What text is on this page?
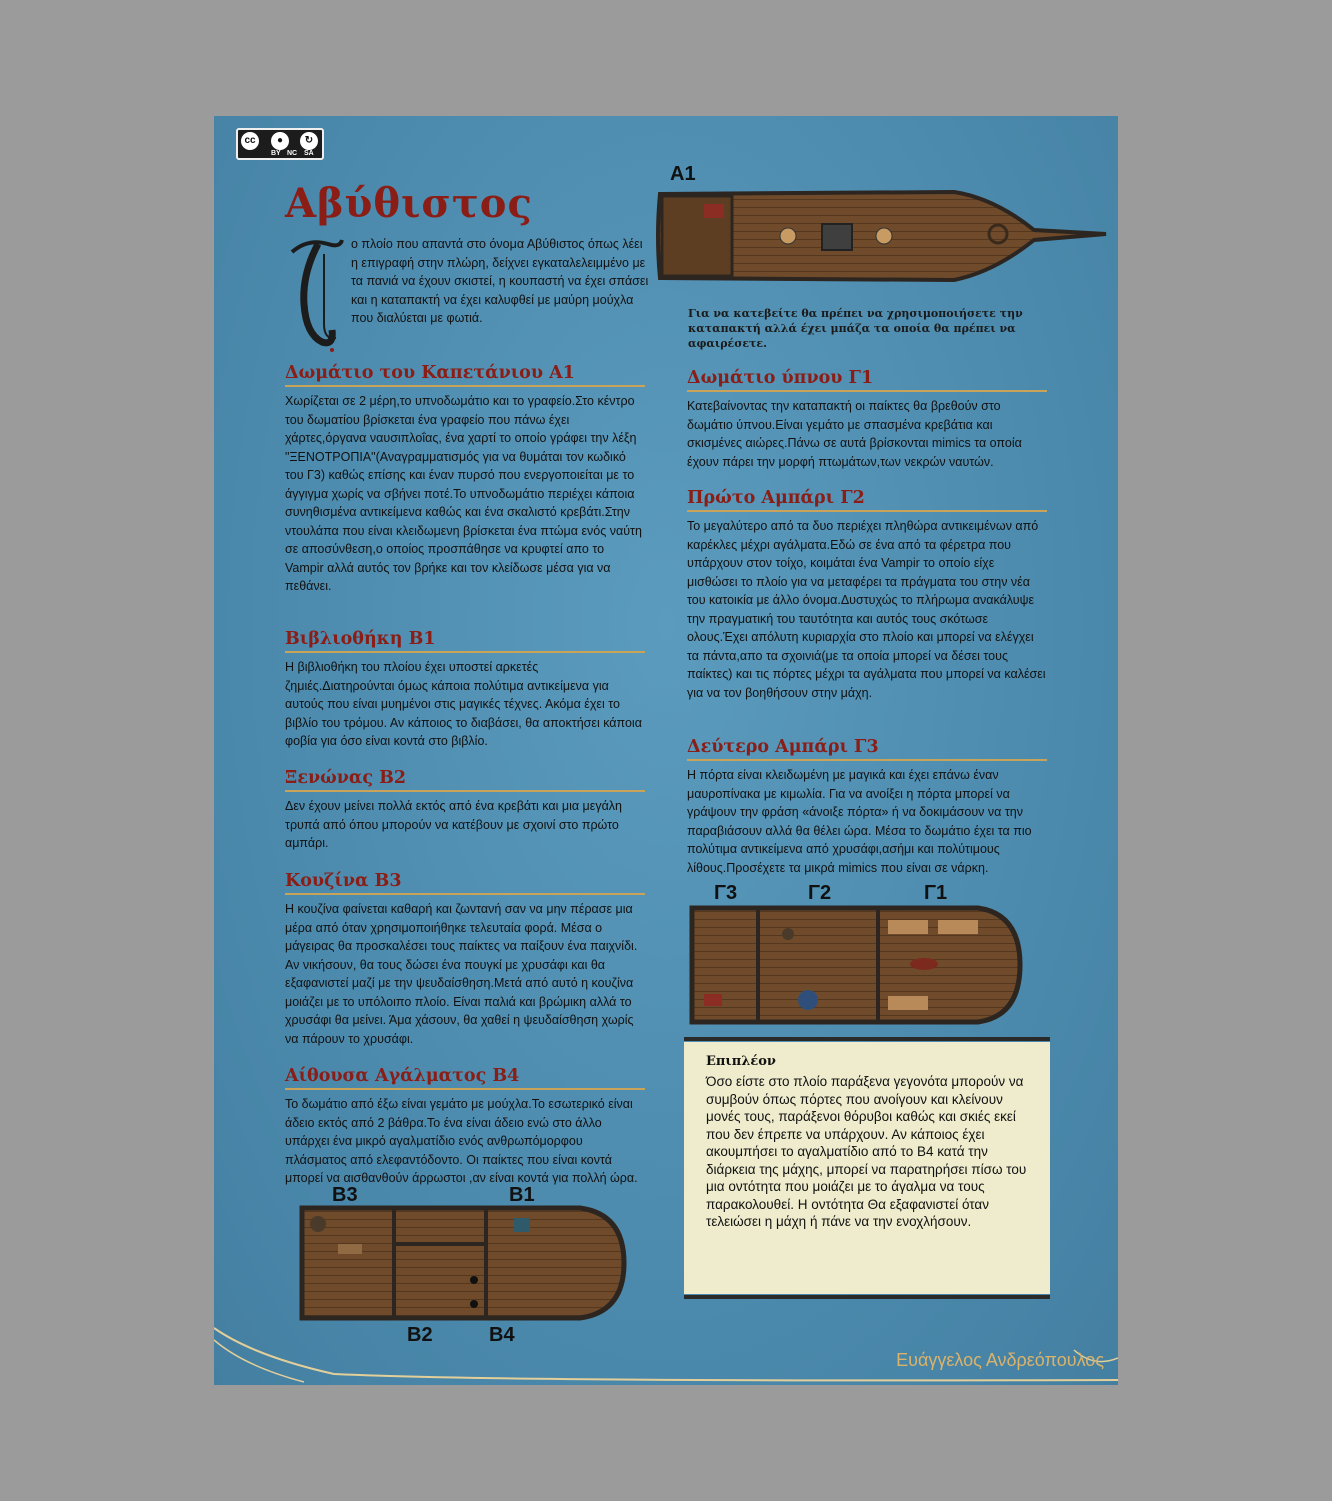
cc	●	↻
BY NC SA
Αβύθιστος
ο πλοίο που απαντά στο όνομα Αβύθιστος όπως λέει η επιγραφή στην πλώρη, δείχνει εγκαταλελειμμένο με τα πανιά να έχουν σκιστεί, η κουπαστή να έχει σπάσει και η καταπακτή να έχει καλυφθεί με μαύρη μούχλα που διαλύεται με φωτιά.
Δωμάτιο του Καπετάνιου Α1

Χωρίζεται σε 2 μέρη,το υπνοδωμάτιο και το γραφείο.Στο κέντρο του δωματίου βρίσκεται ένα γραφείο που πάνω έχει χάρτες,όργανα ναυσιπλοΐας, ένα χαρτί το οποίο γράφει την λέξη "ΞΕΝΟΤΡΟΠΙΑ"(Αναγραμματισμός για να θυμάται τον κωδικό του Γ3) καθώς επίσης και έναν πυρσό που ενεργοποιείται με το άγγιγμα χωρίς να σβήνει ποτέ.Το υπνοδωμάτιο περιέχει κάποια συνηθισμένα αντικείμενα καθώς και ένα σκαλιστό κρεβάτι.Στην ντουλάπα που είναι κλειδωμενη βρίσκεται ένα πτώμα ενός ναύτη σε αποσύνθεση,ο οποίος προσπάθησε να κρυφτεί απο το Vampir αλλά αυτός τον βρήκε και τον κλείδωσε μέσα για να πεθάνει.

Βιβλιοθήκη Β1

Η βιβλιοθήκη του πλοίου έχει υποστεί αρκετές ζημιές.Διατηρούνται όμως κάποια πολύτιμα αντικείμενα για αυτούς που είναι μυημένοι στις μαγικές τέχνες. Ακόμα έχει το βιβλίο του τρόμου. Αν κάποιος το διαβάσει, θα αποκτήσει κάποια φοβία για όσο είναι κοντά στο βιβλίο.

Ξενώνας Β2

Δεν έχουν μείνει πολλά εκτός από ένα κρεβάτι και μια μεγάλη τρυπά από όπου μπορούν να κατέβουν με σχοινί στο πρώτο αμπάρι.

Κουζίνα Β3

Η κουζίνα φαίνεται καθαρή και ζωντανή σαν να μην πέρασε μια μέρα από όταν χρησιμοποιήθηκε τελευταία φορά. Μέσα ο μάγειρας θα προσκαλέσει τους παίκτες να παίξουν ένα παιχνίδι. Αν νικήσουν, θα τους δώσει ένα πουγκί με χρυσάφι και θα εξαφανιστεί μαζί με την ψευδαίσθηση.Μετά από αυτό η κουζίνα μοιάζει με το υπόλοιπο πλοίο. Είναι παλιά και βρώμικη αλλά το χρυσάφι θα μείνει. Άμα χάσουν, θα χαθεί η ψευδαίσθηση χωρίς να πάρουν το χρυσάφι.

Αίθουσα Αγάλματος Β4

Το δωμάτιο από έξω είναι γεμάτο με μούχλα.Το εσωτερικό είναι άδειο εκτός από 2 βάθρα.Το ένα είναι άδειο ενώ στο άλλο υπάρχει ένα μικρό αγαλματίδιο ενός ανθρωπόμορφου πλάσματος από ελεφαντόδοντο. Οι παίκτες που είναι κοντά μπορεί να αισθανθούν άρρωστοι ,αν είναι κοντά για πολλή ώρα.

A1
Για να κατεβείτε θα πρέπει να χρησιμοποιήσετε την καταπακτή αλλά έχει μπάζα τα οποία θα πρέπει να αφαιρέσετε.
Δωμάτιο ύπνου Γ1

Κατεβαίνοντας την καταπακτή οι παίκτες θα βρεθούν στο δωμάτιο ύπνου.Είναι γεμάτο με σπασμένα κρεβάτια και σκισμένες αιώρες.Πάνω σε αυτά βρίσκονται mimics τα οποία έχουν πάρει την μορφή πτωμάτων,των νεκρών ναυτών.

Πρώτο Αμπάρι Γ2

Το μεγαλύτερο από τα δυο περιέχει πληθώρα αντικειμένων από καρέκλες μέχρι αγάλματα.Εδώ σε ένα από τα φέρετρα που υπάρχουν στον τοίχο, κοιμάται ένα Vampir το οποίο είχε μισθώσει το πλοίο για να μεταφέρει τα πράγματα του στην νέα του κατοικία με άλλο όνομα.Δυστυχώς το πλήρωμα ανακάλυψε την πραγματική του ταυτότητα και αυτός τους σκότωσε ολους.Έχει απόλυτη κυριαρχία στο πλοίο και μπορεί να ελέγχει τα πάντα,απο τα σχοινιά(με τα οποία μπορεί να δέσει τους παίκτες) και τις πόρτες μέχρι τα αγάλματα που μπορεί να καλέσει για να τον βοηθήσουν στην μάχη.

Δεύτερο Αμπάρι Γ3

Η πόρτα είναι κλειδωμένη με μαγικά και έχει επάνω έναν μαυροπίνακα με κιμωλία. Για να ανοίξει η πόρτα μπορεί να γράψουν την φράση «άνοιξε πόρτα» ή να δοκιμάσουν να την παραβιάσουν αλλά θα θέλει ώρα. Μέσα το δωμάτιο έχει τα πιο πολύτιμα αντικείμενα από χρυσάφι,ασήμι και πολύτιμους λίθους.Προσέχετε τα μικρά mimics που είναι σε νάρκη.

Γ3	Γ2	Γ1
Επιπλέον

Όσο είστε στο πλοίο παράξενα γεγονότα μπορούν να συμβούν όπως πόρτες που ανοίγουν και κλείνουν μονές τους, παράξενοι θόρυβοι καθώς και σκιές εκεί που δεν έπρεπε να υπάρχουν. Αν κάποιος έχει ακουμπήσει το αγαλματίδιο από το Β4 κατά την διάρκεια της μάχης, μπορεί να παρατηρήσει πίσω του μια οντότητα που μοιάζει με το άγαλμα να τους παρακολουθεί. Η οντότητα Θα εξαφανιστεί όταν τελειώσει η μάχη ή πάνε να την ενοχλήσουν.

B3	B1
B2	B4
Ευάγγελος Ανδρεόπουλος
